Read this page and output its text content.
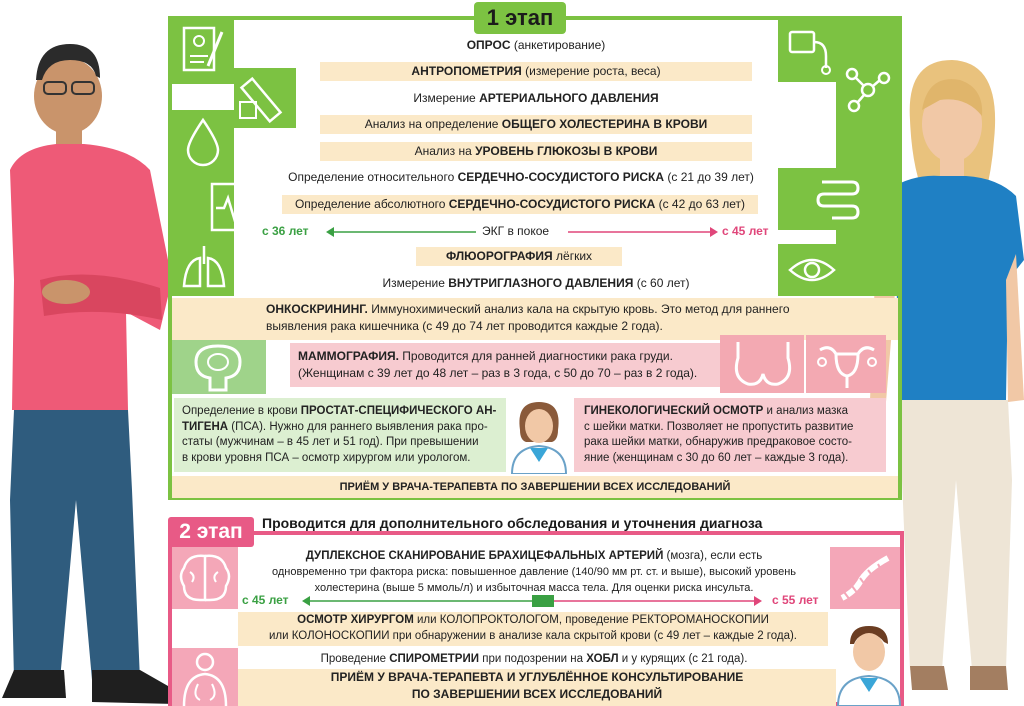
1 этап
ОПРОС (анкетирование)
АНТРОПОМЕТРИЯ (измерение роста, веса)
Измерение АРТЕРИАЛЬНОГО ДАВЛЕНИЯ
Анализ на определение ОБЩЕГО ХОЛЕСТЕРИНА В КРОВИ
Анализ на УРОВЕНЬ ГЛЮКОЗЫ В КРОВИ
Определение относительного СЕРДЕЧНО-СОСУДИСТОГО РИСКА (с 21 до 39 лет)
Определение абсолютного СЕРДЕЧНО-СОСУДИСТОГО РИСКА (с 42 до 63 лет)
с 36 лет	ЭКГ в покое	с 45 лет
ФЛЮОРОГРАФИЯ лёгких
Измерение ВНУТРИГЛАЗНОГО ДАВЛЕНИЯ (с 60 лет)
ОНКОСКРИНИНГ. Иммунохимический анализ кала на скрытую кровь. Это метод для раннего
выявления рака кишечника (с 49 до 74 лет проводится каждые 2 года).
МАММОГРАФИЯ. Проводится для ранней диагностики рака груди.
(Женщинам с 39 лет до 48 лет – раз в 3 года, с 50 до 70 – раз в 2 года).
Определение в крови ПРОСТАТ-СПЕЦИФИЧЕСКОГО АН-
ТИГЕНА (ПСА). Нужно для раннего выявления рака про-
статы (мужчинам – в 45 лет и 51 год). При превышении
в крови уровня ПСА – осмотр хирургом или урологом.
ГИНЕКОЛОГИЧЕСКИЙ ОСМОТР и анализ мазка
с шейки матки. Позволяет не пропустить развитие
рака шейки матки, обнаружив предраковое состо-
яние (женщинам с 30 до 60 лет – каждые 3 года).
ПРИЁМ У ВРАЧА-ТЕРАПЕВТА ПО ЗАВЕРШЕНИИ ВСЕХ ИССЛЕДОВАНИЙ
2 этап	Проводится для дополнительного обследования и уточнения диагноза
ДУПЛЕКСНОЕ СКАНИРОВАНИЕ БРАХИЦЕФАЛЬНЫХ АРТЕРИЙ (мозга), если есть
одновременно три фактора риска: повышенное давление (140/90 мм рт. ст. и выше), высокий уровень
холестерина (выше 5 ммоль/л) и избыточная масса тела. Для оценки риска инсульта.
с 45 лет	с 55 лет
ОСМОТР ХИРУРГОМ или КОЛОПРОКТОЛОГОМ, проведение РЕКТОРОМАНОСКОПИИ
или КОЛОНОСКОПИИ при обнаружении в анализе кала скрытой крови (с 49 лет – каждые 2 года).
Проведение СПИРОМЕТРИИ при подозрении на ХОБЛ и у курящих (с 21 года).
ПРИЁМ У ВРАЧА-ТЕРАПЕВТА И УГЛУБЛЁННОЕ КОНСУЛЬТИРОВАНИЕ
ПО ЗАВЕРШЕНИИ ВСЕХ ИССЛЕДОВАНИЙ
